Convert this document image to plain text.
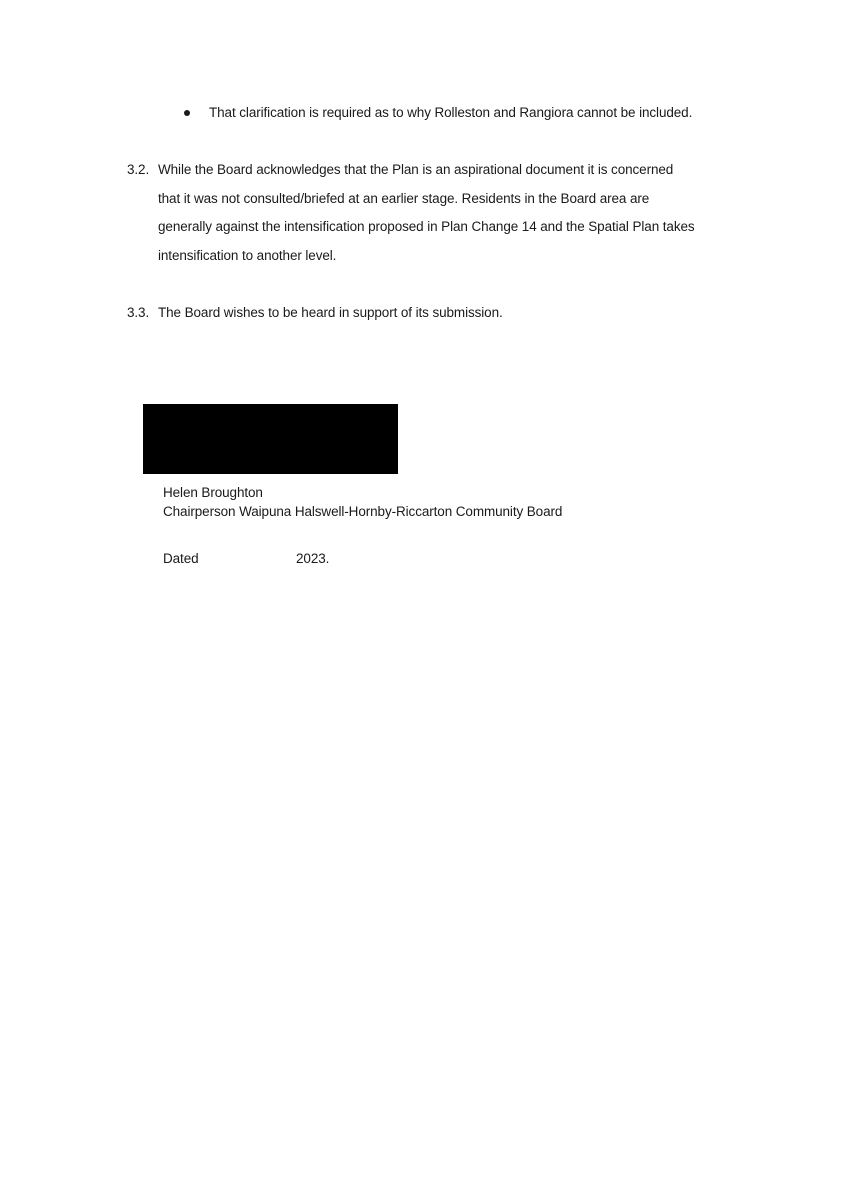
That clarification is required as to why Rolleston and Rangiora cannot be included.
3.2. While the Board acknowledges that the Plan is an aspirational document it is concerned
that it was not consulted/briefed at an earlier stage. Residents in the Board area are
generally against the intensification proposed in Plan Change 14 and the Spatial Plan takes
intensification to another level.
3.3. The Board wishes to be heard in support of its submission.
Helen Broughton
Chairperson Waipuna Halswell-Hornby-Riccarton Community Board
Dated	2023.
